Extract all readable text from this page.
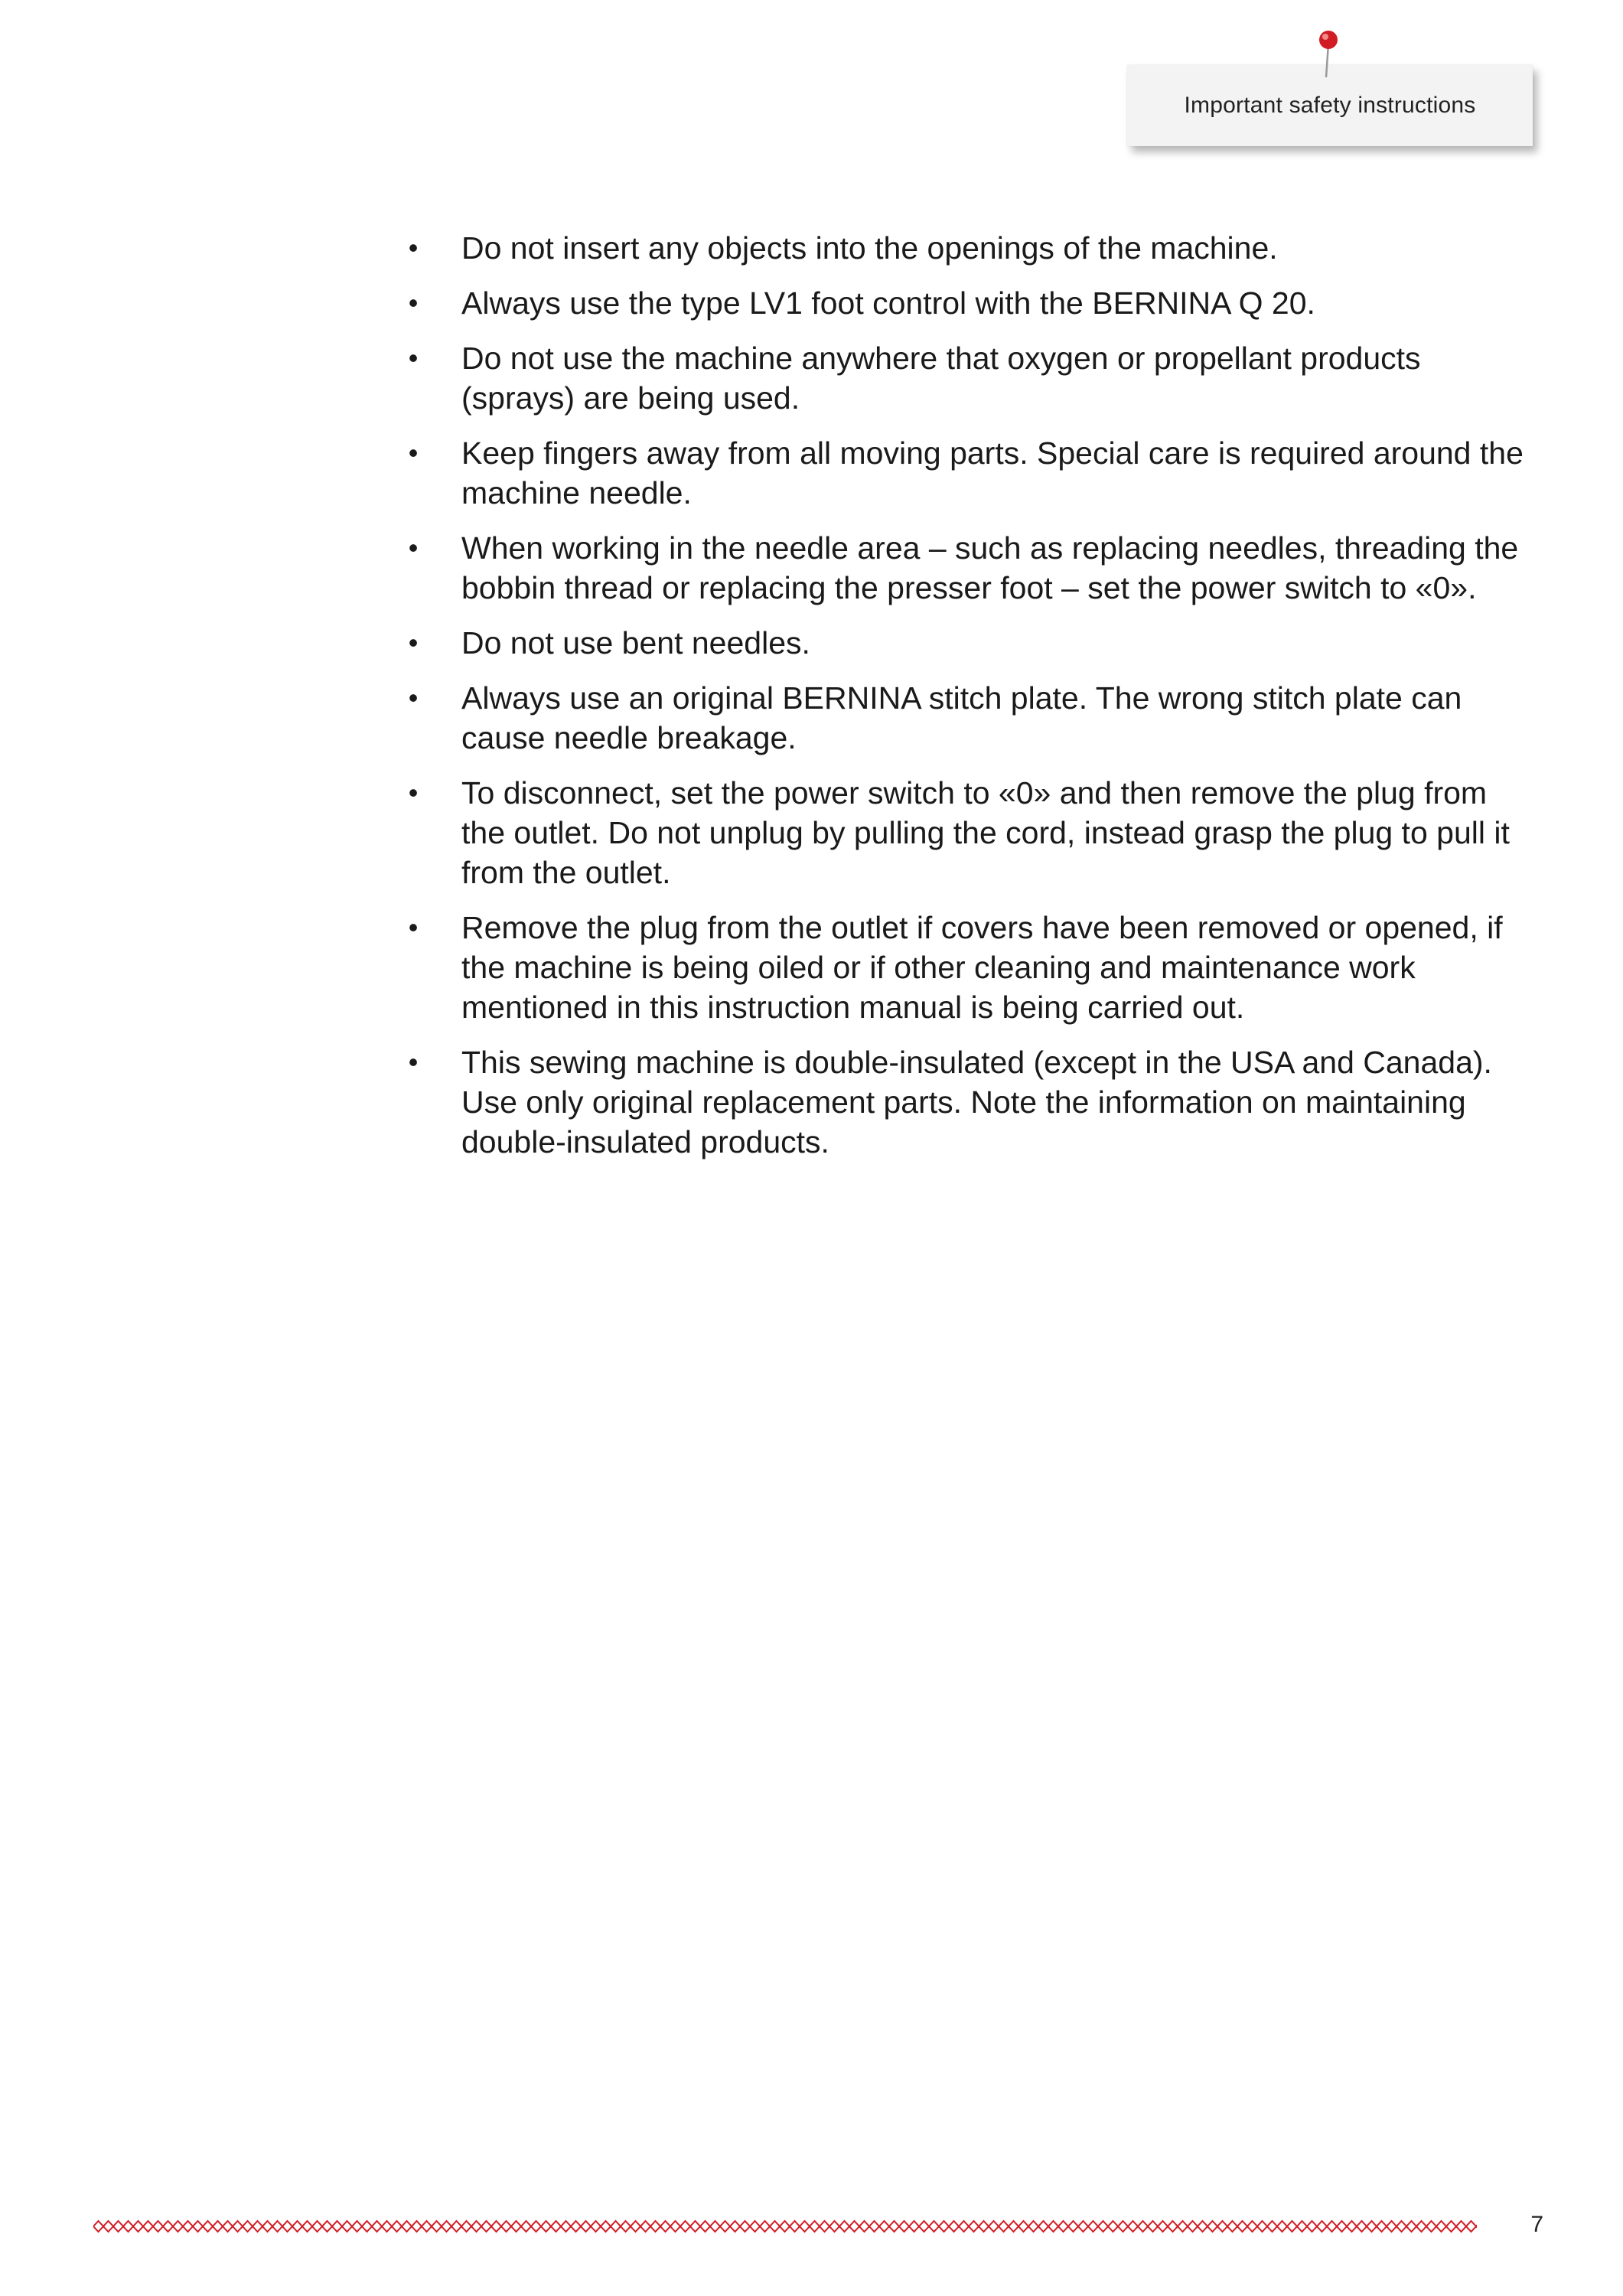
Important safety instructions
•	Do not insert any objects into the openings of the machine.
•	Always use the type LV1 foot control with the BERNINA Q 20.
•	Do not use the machine anywhere that oxygen or propellant products (sprays) are being used.
•	Keep fingers away from all moving parts. Special care is required around the machine needle.
•	When working in the needle area – such as replacing needles, threading the bobbin thread or replacing the presser foot – set the power switch to «0».
•	Do not use bent needles.
•	Always use an original BERNINA stitch plate. The wrong stitch plate can cause needle breakage.
•	To disconnect, set the power switch to «0» and then remove the plug from the outlet. Do not unplug by pulling the cord, instead grasp the plug to pull it from the outlet.
•	Remove the plug from the outlet if covers have been removed or opened, if the machine is being oiled or if other cleaning and maintenance work mentioned in this instruction manual is being carried out.
•	This sewing machine is double-insulated (except in the USA and Canada). Use only original replacement parts. Note the information on maintaining double-insulated products.
7
